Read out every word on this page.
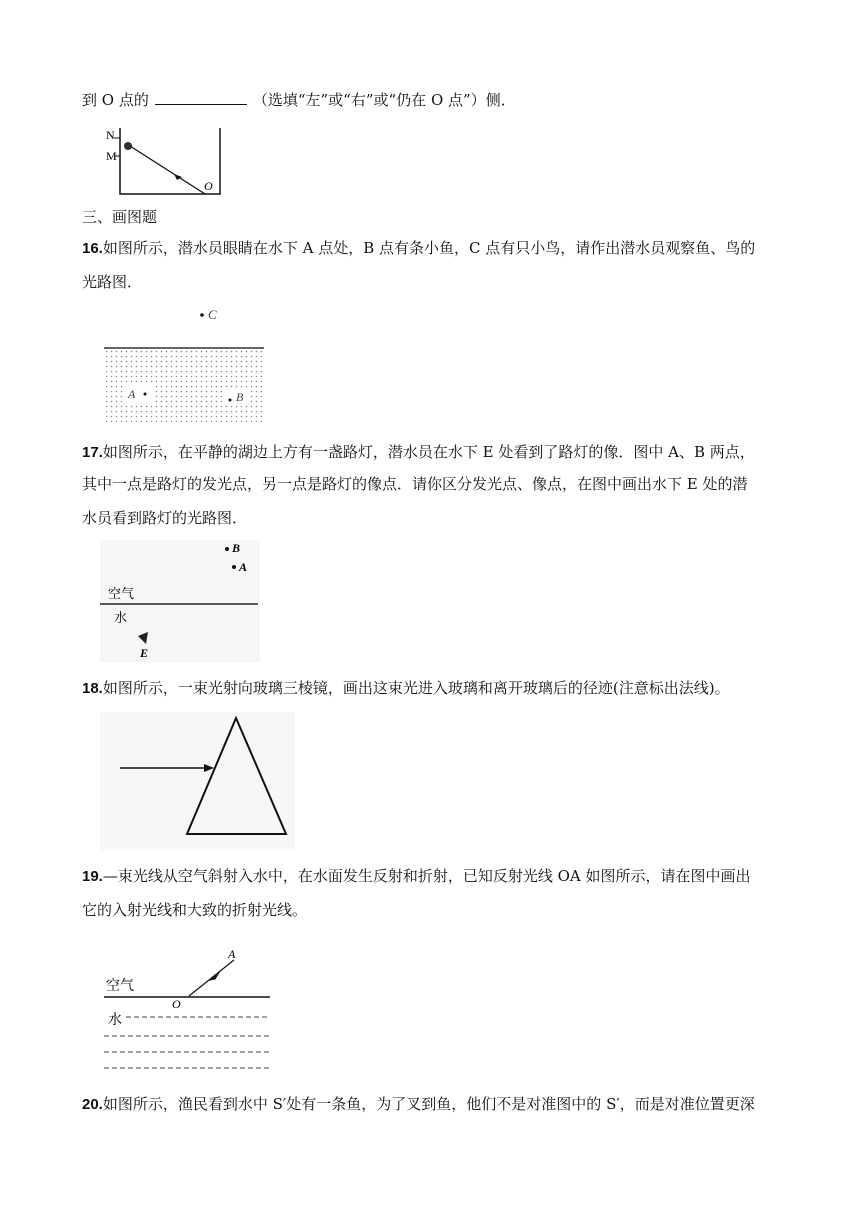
到 O 点的	（选填“左”或“右”或“仍在 O 点”）侧．
N
M
O
三、画图题
16.如图所示，潜水员眼睛在水下 A 点处，B 点有条小鱼，C 点有只小鸟，请作出潜水员观察鱼、鸟的
光路图．
C
A	B
17.如图所示，在平静的湖边上方有一盏路灯，潜水员在水下 E 处看到了路灯的像．图中 A、B 两点，
其中一点是路灯的发光点，另一点是路灯的像点．请你区分发光点、像点，在图中画出水下 E 处的潜
水员看到路灯的光路图．
B
A
空气
水
E
18.如图所示，一束光射向玻璃三棱镜，画出这束光进入玻璃和离开玻璃后的径迹(注意标出法线)。
19.—束光线从空气斜射入水中，在水面发生反射和折射，已知反射光线 OA 如图所示，请在图中画出
它的入射光线和大致的折射光线。
A
空气
O
水
20.如图所示，渔民看到水中 S′处有一条鱼，为了叉到鱼，他们不是对准图中的 S′，而是对准位置更深
